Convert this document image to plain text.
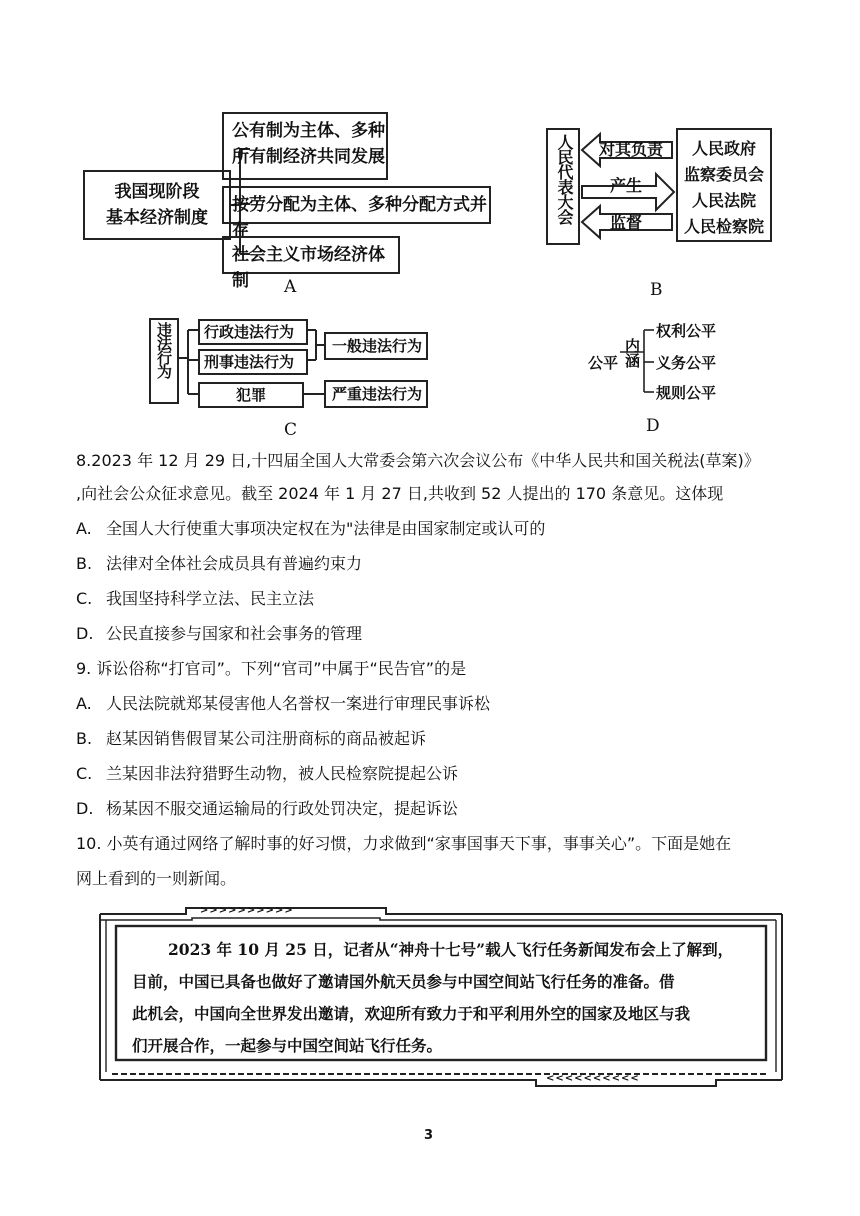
我国现阶段
基本经济制度
公有制为主体、多种
所有制经济共同发展
按劳分配为主体、多种分配方式并存
社会主义市场经济体制	A
人民代表大会 对其负责
产生
监督
人民政府
监察委员会
人民法院
人民检察院
B
违法行为 行政违法行为
刑事违法行为
犯罪
一般违法行为
严重违法行为
C
公平 内涵
权利公平
义务公平
规则公平
D
8.2023 年 12 月 29 日,十四届全国人大常委会第六次会议公布《中华人民共和国关税法(草案)》
,向社会公众征求意见。截至 2024 年 1 月 27 日,共收到 52 人提出的 170 条意见。这体现
A. 全国人大行使重大事项决定权在为"法律是由国家制定或认可的
B. 法律对全体社会成员具有普遍约束力
C. 我国坚持科学立法、民主立法
D. 公民直接参与国家和社会事务的管理
9. 诉讼俗称“打官司”。下列“官司”中属于“民告官”的是
A. 人民法院就郑某侵害他人名誉权一案进行审理民事诉松
B. 赵某因销售假冒某公司注册商标的商品被起诉
C. 兰某因非法狩猎野生动物，被人民检察院提起公诉
D. 杨某因不服交通运输局的行政处罚决定，提起诉讼
10. 小英有通过网络了解时事的好习惯，力求做到“家事国事天下事，事事关心”。下面是她在
网上看到的一则新闻。
>>>>>>>>>>
<<<<<<<<<<
2023 年 10 月 25 日，记者从“神舟十七号”载人飞行任务新闻发布会上了解到，
目前，中国已具备也做好了邀请国外航天员参与中国空间站飞行任务的准备。借
此机会，中国向全世界发出邀请，欢迎所有致力于和平利用外空的国家及地区与我
们开展合作，一起参与中国空间站飞行任务。
3
